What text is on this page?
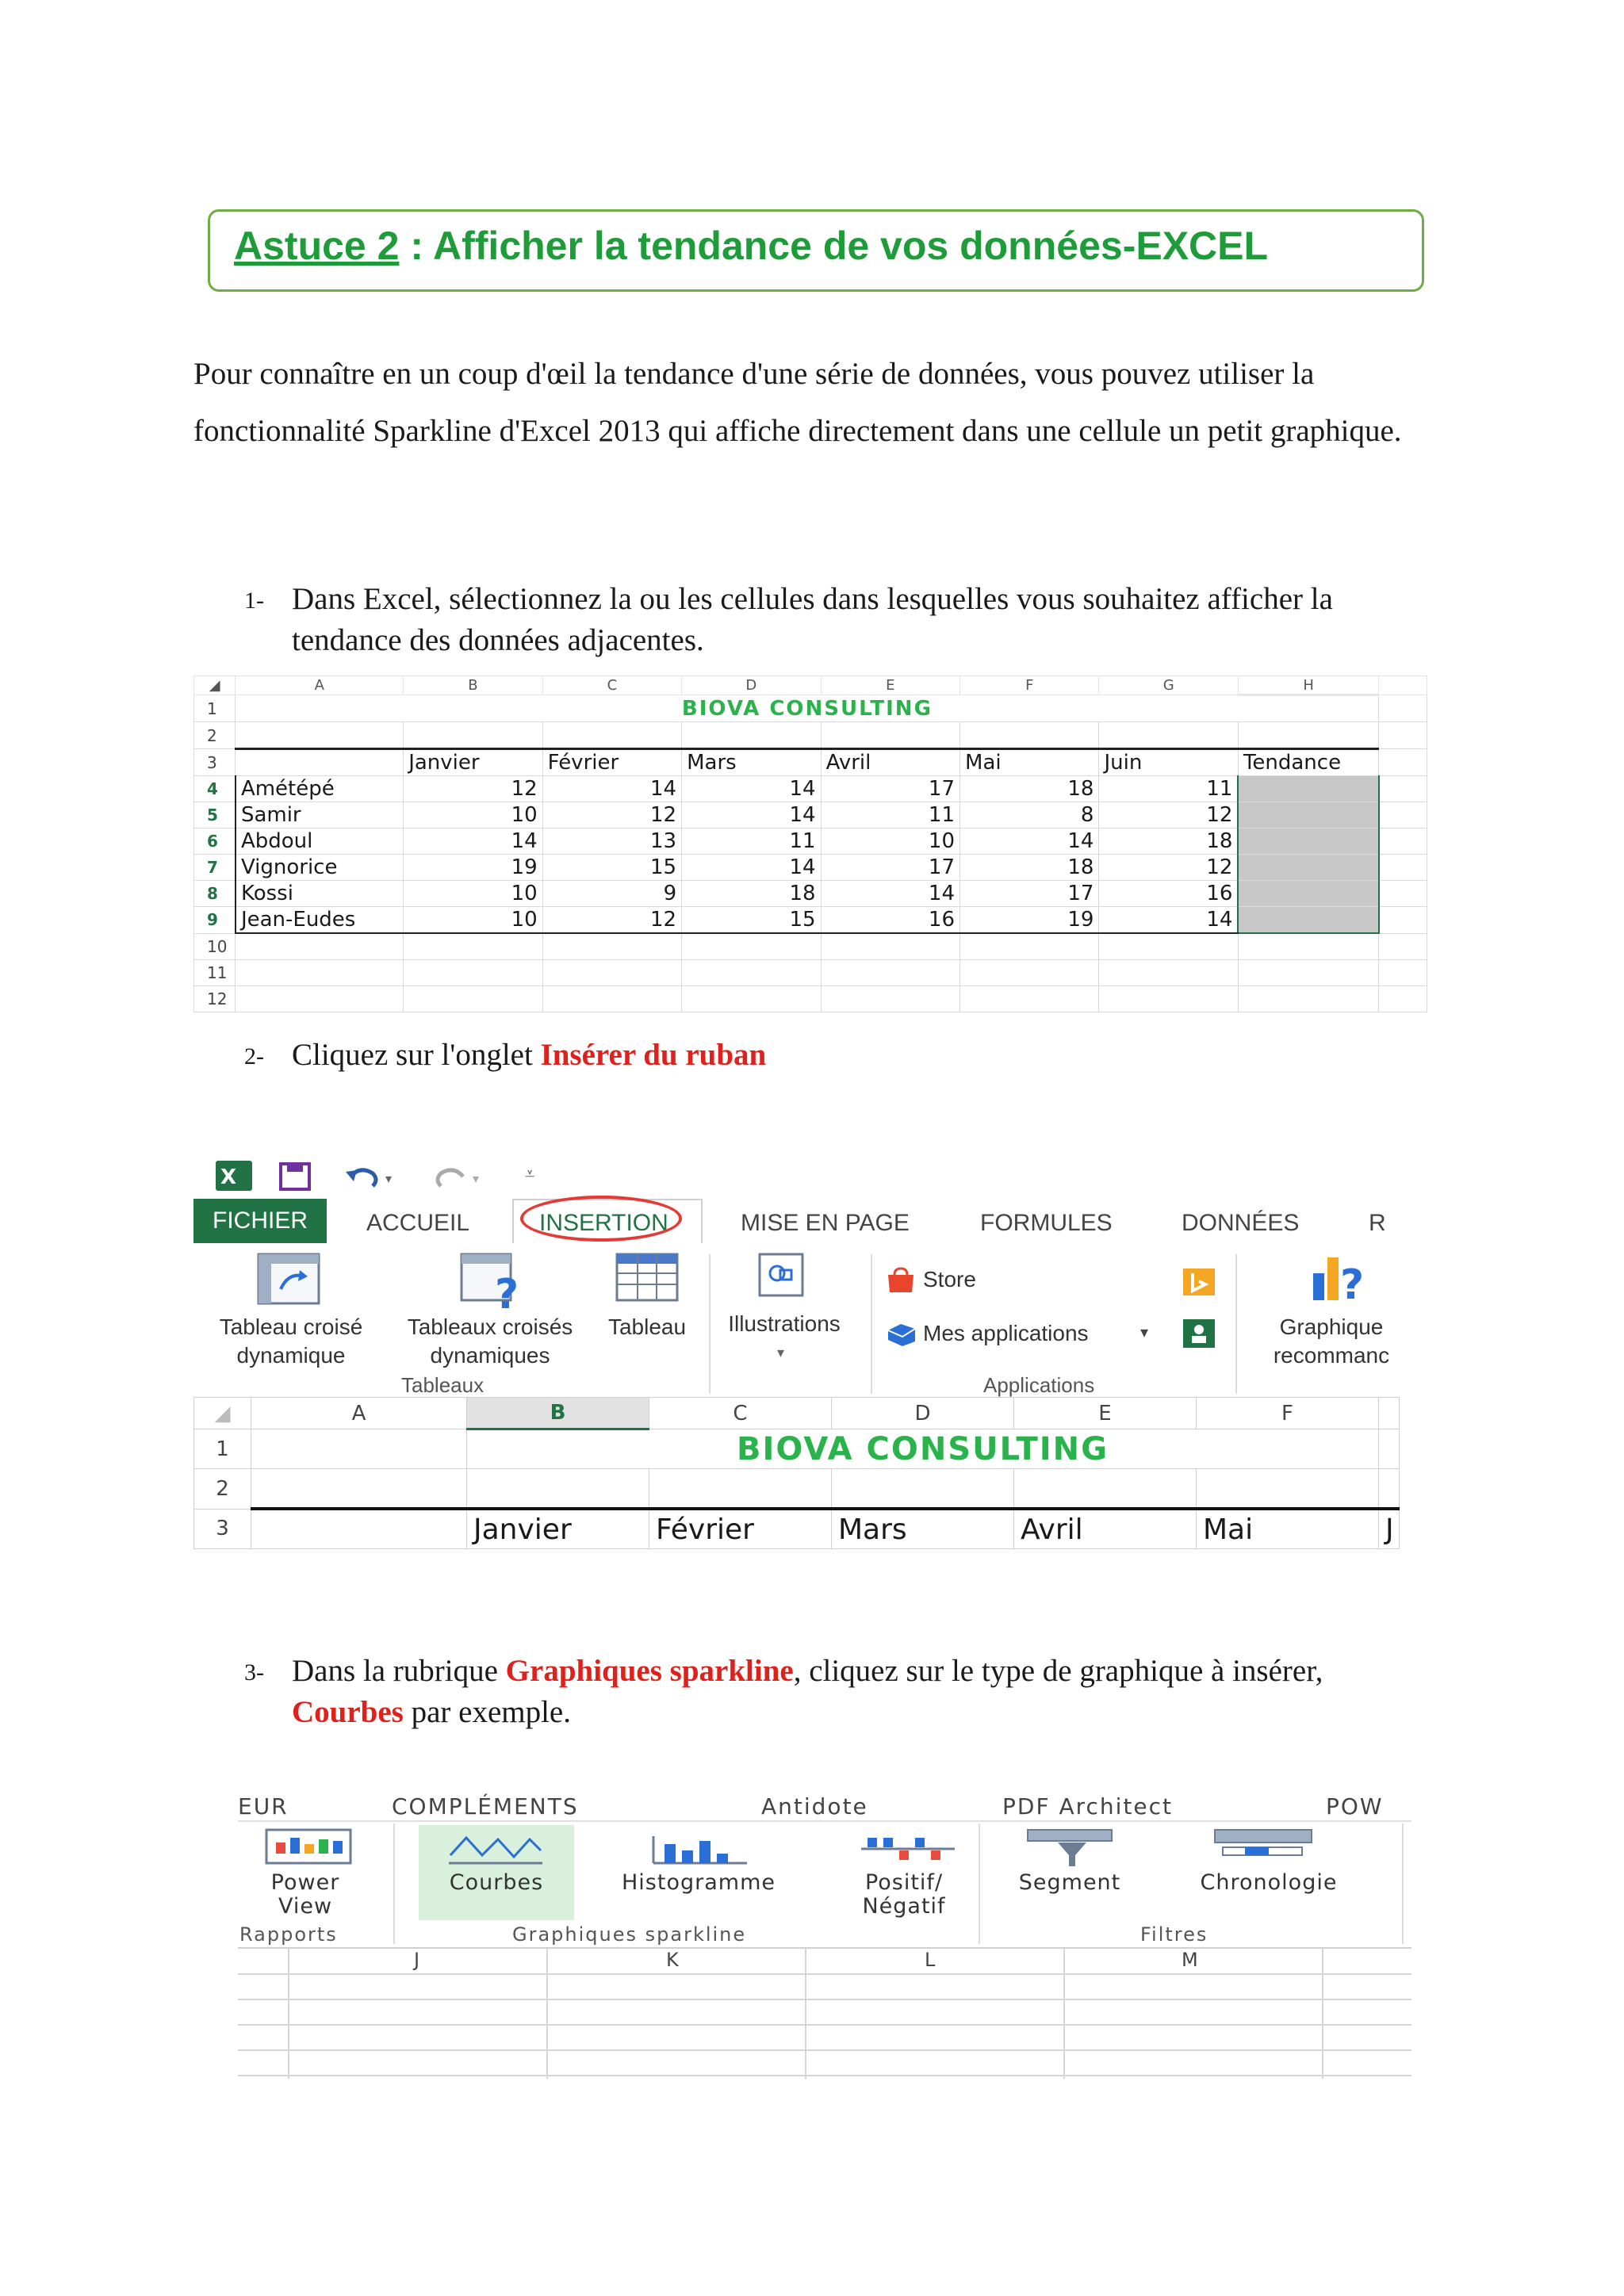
Astuce 2 : Afficher la tendance de vos données-EXCEL
Pour connaître en un coup d'œil la tendance d'une série de données, vous pouvez utiliser la fonctionnalité Sparkline d'Excel 2013 qui affiche directement dans une cellule un petit graphique.
1- Dans Excel, sélectionnez la ou les cellules dans lesquelles vous souhaitez afficher la tendance des données adjacentes.
◢	A	B	C	D	E	F	G	H	
1	BIOVA CONSULTING								
2									
3		Janvier	Février	Mars	Avril	Mai	Juin	Tendance	
4	Amétépé	12	14	14	17	18	11		
5	Samir	10	12	14	11	8	12		
6	Abdoul	14	13	11	10	14	18		
7	Vignorice	19	15	14	17	18	12		
8	Kossi	10	9	18	14	17	16		
9	Jean-Eudes	10	12	15	16	19	14		
10									
11									
12									
2- Cliquez sur l'onglet Insérer du ruban
X	▾	▾	⩡
FICHIER	ACCUEIL	INSERTION	MISE EN PAGE	FORMULES	DONNÉES	R
Tableau croisé
dynamique
?
Tableaux croisés
dynamiques
Tableau
Tableaux
Illustrations
▾
Store
Mes applications	▾
Applications
?
Graphique
recommanc
◢	A	B	C	D	E	F	
1		BIOVA CONSULTING					
2							
3		Janvier	Février	Mars	Avril	Mai	J
3- Dans la rubrique Graphiques sparkline, cliquez sur le type de graphique à insérer, Courbes par exemple.
EUR	COMPLÉMENTS	Antidote	PDF Architect	POW
Power
View
Rapports
Courbes	Histogramme	Positif/
Négatif
Graphiques sparkline
Segment	Chronologie
Filtres
J	K	L	M
